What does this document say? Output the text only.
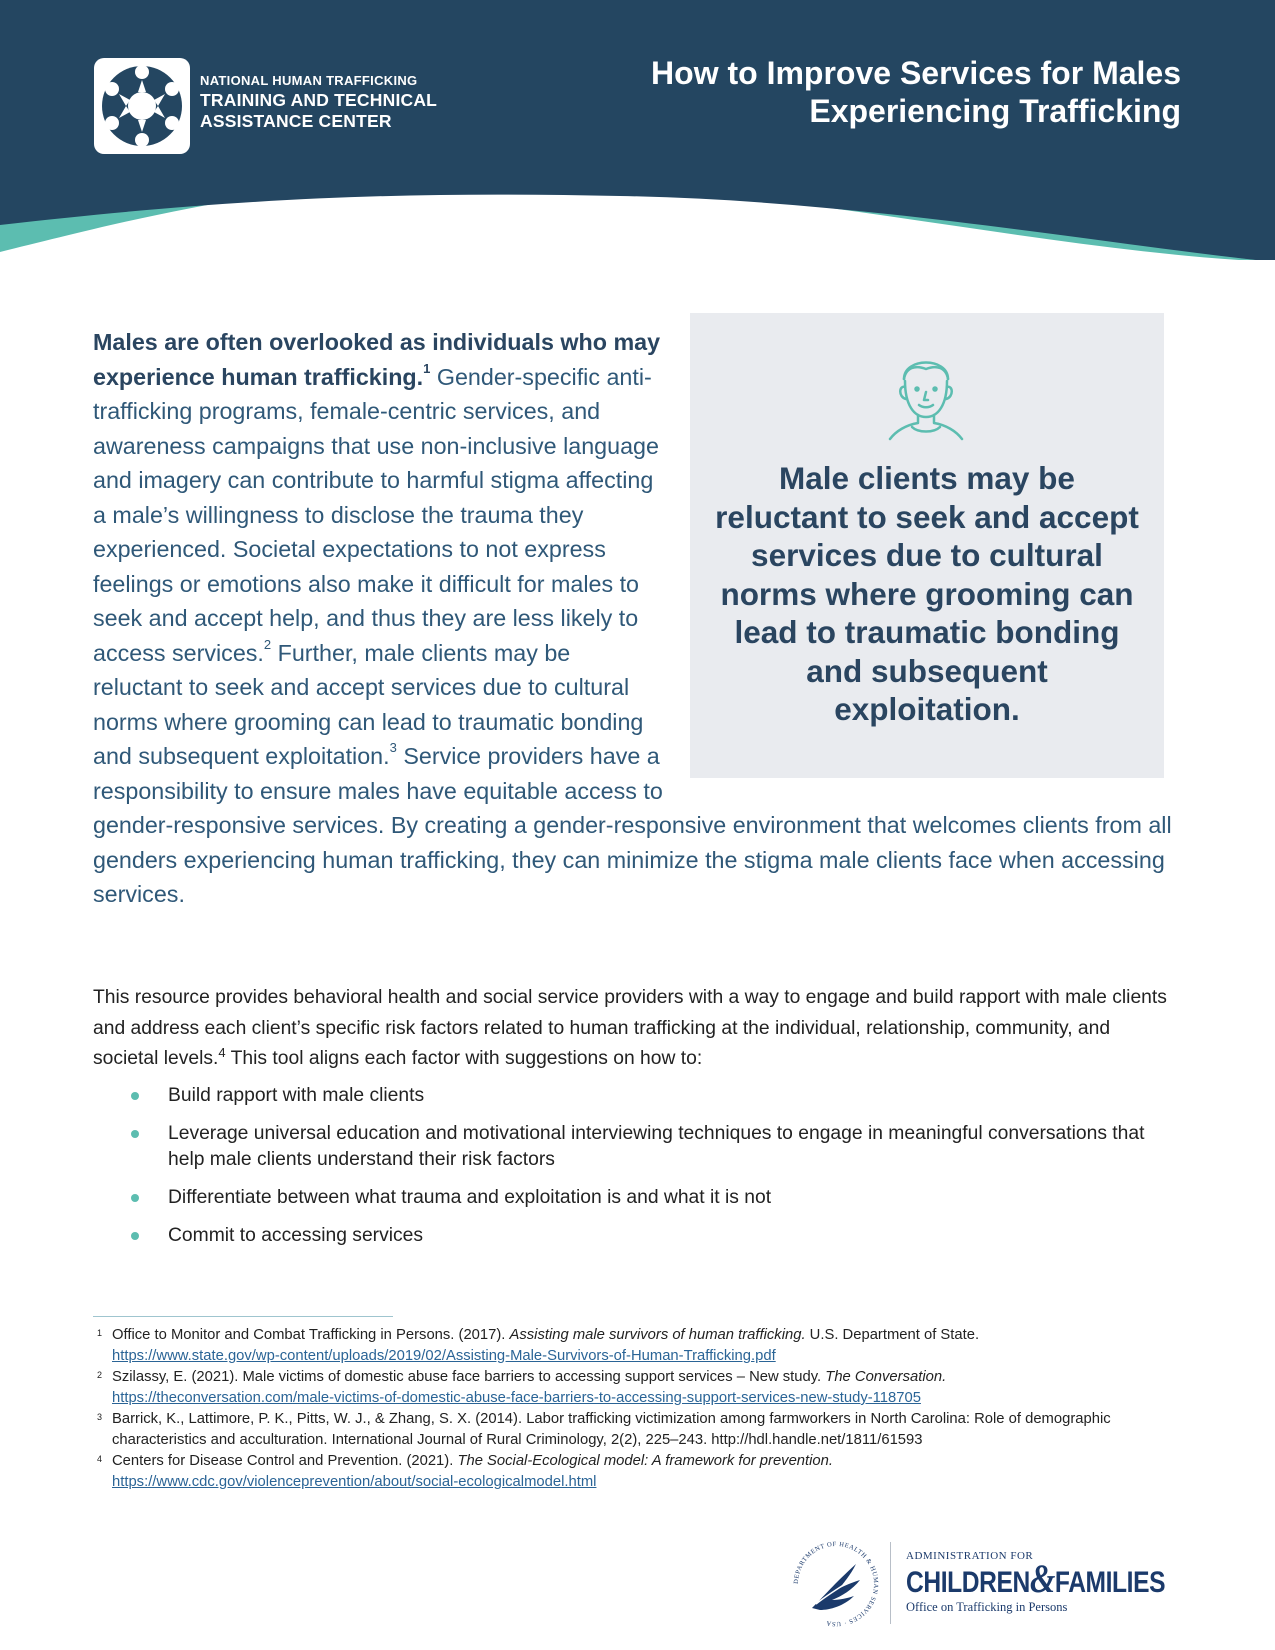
NATIONAL HUMAN TRAFFICKING
TRAINING AND TECHNICAL
ASSISTANCE CENTER
How to Improve Services for Males
Experiencing Trafficking
Male clients may be reluctant to seek and accept services due to cultural norms where grooming can lead to traumatic bonding and subsequent exploitation.
Males are often overlooked as individuals who may experience human trafficking.$^1$ Gender-specific anti-trafficking programs, female-centric services, and awareness campaigns that use non-inclusive language and imagery can contribute to harmful stigma affecting a male’s willingness to disclose the trauma they experienced. Societal expectations to not express feelings or emotions also make it difficult for males to seek and accept help, and thus they are less likely to access services.$^2$ Further, male clients may be reluctant to seek and accept services due to cultural norms where grooming can lead to traumatic bonding and subsequent exploitation.$^3$ Service providers have a responsibility to ensure males have equitable access to gender-responsive services. By creating a gender-responsive environment that welcomes clients from all genders experiencing human trafficking, they can minimize the stigma male clients face when accessing services.
This resource provides behavioral health and social service providers with a way to engage and build rapport with male clients and address each client’s specific risk factors related to human trafficking at the individual, relationship, community, and societal levels.$^4$ This tool aligns each factor with suggestions on how to:
Build rapport with male clients
Leverage universal education and motivational interviewing techniques to engage in meaningful conversations that help male clients understand their risk factors
Differentiate between what trauma and exploitation is and what it is not
Commit to accessing services
1 Office to Monitor and Combat Trafficking in Persons. (2017). Assisting male survivors of human trafficking. U.S. Department of State.
https://www.state.gov/wp-content/uploads/2019/02/Assisting-Male-Survivors-of-Human-Trafficking.pdf
2 Szilassy, E. (2021). Male victims of domestic abuse face barriers to accessing support services – New study. The Conversation.
https://theconversation.com/male-victims-of-domestic-abuse-face-barriers-to-accessing-support-services-new-study-118705
3 Barrick, K., Lattimore, P. K., Pitts, W. J., & Zhang, S. X. (2014). Labor trafficking victimization among farmworkers in North Carolina: Role of demographic characteristics and acculturation. International Journal of Rural Criminology, 2(2), 225–243. http://hdl.handle.net/1811/61593
4 Centers for Disease Control and Prevention. (2021). The Social-Ecological model: A framework for prevention.
https://www.cdc.gov/violenceprevention/about/social-ecologicalmodel.html
DEPARTMENT OF HEALTH & HUMAN SERVICES · USA
ADMINISTRATION FOR
CHILDREN&FAMILIES
Office on Trafficking in Persons
